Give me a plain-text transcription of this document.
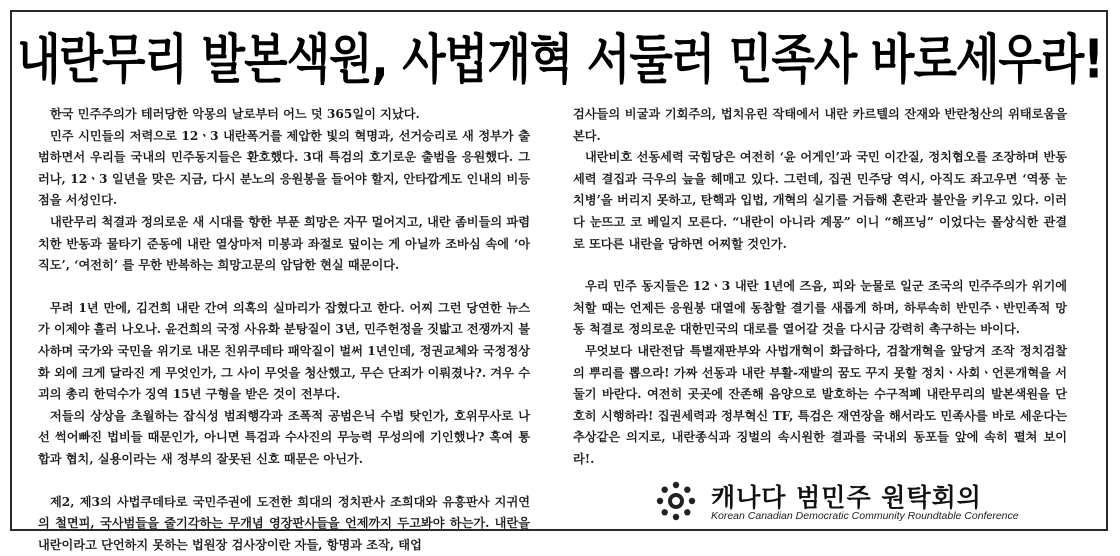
내란무리 발본색원, 사법개혁 서둘러 민족사 바로세우라!

한국 민주주의가 테러당한 악몽의 날로부터 어느 덧 365일이 지났다.

민주 시민들의 저력으로 12ㆍ3 내란폭거를 제압한 빛의 혁명과, 선거승리로 새 정부가 출범하면서 우리들 국내의 민주동지들은 환호했다. 3대 특검의 호기로운 출범을 응원했다. 그러나, 12ㆍ3 일년을 맞은 지금, 다시 분노의 응원봉을 들어야 할지, 안타깝게도 인내의 비등점을 서성인다.

내란무리 척결과 정의로운 새 시대를 향한 부푼 희망은 자꾸 멀어지고, 내란 좀비들의 파렴치한 반동과 물타기 준동에 내란 열상마저 미봉과 좌절로 덮이는 게 아닐까 조바심 속에 ‘아직도’, ‘여전히’ 를 무한 반복하는 희망고문의 암담한 현실 때문이다.

무려 1년 만에, 김건희 내란 간여 의혹의 실마리가 잡혔다고 한다. 어찌 그런 당연한 뉴스가 이제야 흘러 나오나. 윤건희의 국정 사유화 분탕질이 3년, 민주헌정을 짓밟고 전쟁까지 불사하며 국가와 국민을 위기로 내몬 친위쿠데타 패악질이 벌써 1년인데, 정권교체와 국정정상화 외에 크게 달라진 게 무엇인가, 그 사이 무엇을 청산했고, 무슨 단죄가 이뤄졌나?. 겨우 수괴의 총리 한덕수가 징역 15년 구형을 받은 것이 전부다.

저들의 상상을 초월하는 잡식성 범죄행각과 조폭적 공범은닉 수법 탓인가, 호위무사로 나선 썩어빠진 법비들 때문인가, 아니면 특검과 수사진의 무능력 무성의에 기인했나? 혹여 통합과 협치, 실용이라는 새 정부의 잘못된 신호 때문은 아닌가.

제2, 제3의 사법쿠데타로 국민주권에 도전한 희대의 정치판사 조희대와 유흥판사 지귀연의 철면피, 국사범들을 줄기각하는 무개념 영장판사들을 언제까지 두고봐야 하는가. 내란을 내란이라고 단언하지 못하는 법원장 검사장이란 자들, 항명과 조작, 태업

검사들의 비굴과 기회주의, 법치유린 작태에서 내란 카르텔의 잔재와 반란청산의 위태로움을 본다.

내란비호 선동세력 국힘당은 여전히 ‘윤 어게인’과 국민 이간질, 정치협오를 조장하며 반동세력 결집과 극우의 늪을 헤매고 있다. 그런데, 집권 민주당 역시, 아직도 좌고우면 ‘역풍 눈치병’을 버리지 못하고, 탄핵과 입법, 개혁의 실기를 거듭해 혼란과 불안을 키우고 있다. 이러다 눈뜨고 코 베일지 모른다. “내란이 아니라 계몽” 이니 “해프닝” 이었다는 몰상식한 관결로 또다른 내란을 당하면 어찌할 것인가.

우리 민주 동지들은 12ㆍ3 내란 1년에 즈음, 피와 눈물로 일군 조국의 민주주의가 위기에 처할 때는 언제든 응원봉 대열에 동참할 결기를 새롭게 하며, 하루속히 반민주ㆍ반민족적 망동 척결로 정의로운 대한민국의 대로를 열어갈 것을 다시금 강력히 촉구하는 바이다.

무엇보다 내란전담 특별재판부와 사법개혁이 화급하다, 검찰개혁을 앞당겨 조작 정치검찰의 뿌리를 뽑으라! 가짜 선동과 내란 부활-재발의 꿈도 꾸지 못할 정치ㆍ사회ㆍ언론개혁을 서둘기 바란다. 여전히 곳곳에 잔존해 음양으로 발호하는 수구적폐 내란무리의 발본색원을 단호히 시행하라! 집권세력과 정부혁신 TF, 특검은 재연장을 해서라도 민족사를 바로 세운다는 추상같은 의지로, 내란종식과 징벌의 속시원한 결과를 국내외 동포들 앞에 속히 펼쳐 보이라!.

캐나다 범민주 원탁회의
Korean Canadian Democratic Community Roundtable Conference
